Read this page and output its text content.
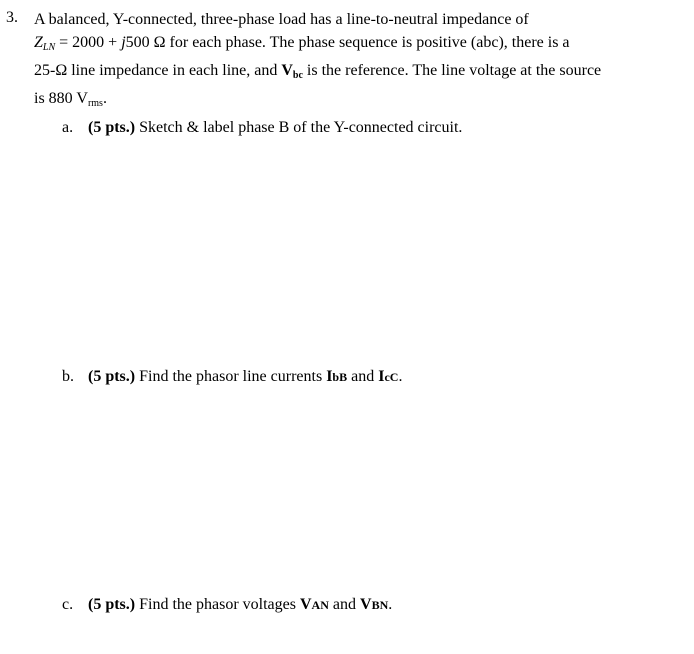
3. A balanced, Y-connected, three-phase load has a line-to-neutral impedance of
$Z_{LN} = 2000 + j500$ Ω for each phase. The phase sequence is positive (abc), there is a
25-Ω line impedance in each line, and $V_{bc}$ is the reference. The line voltage at the source
is 880 $V_{rms}$.
a. (5 pts.) Sketch & label phase B of the Y-connected circuit.
b. (5 pts.) Find the phasor line currents IbB and IcC.
c. (5 pts.) Find the phasor voltages VAN and VBN.
